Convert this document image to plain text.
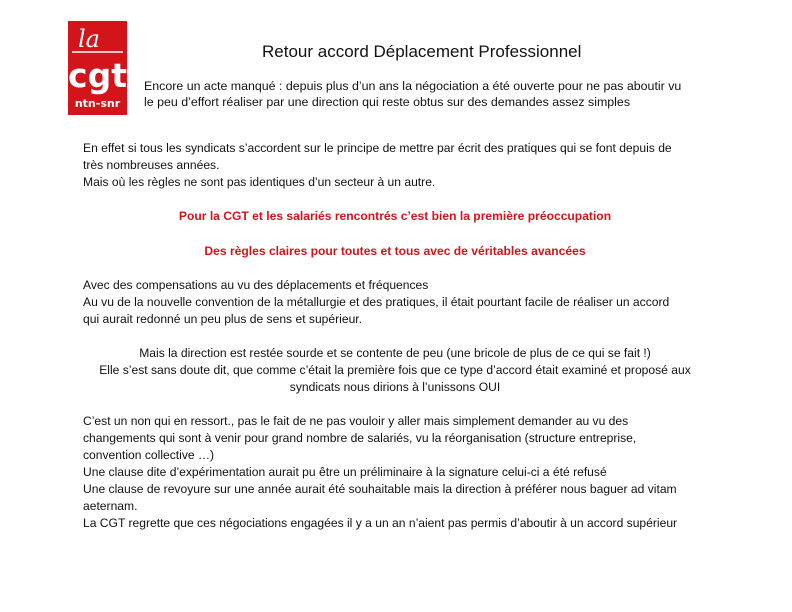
la
cgt
ntn-snr
Retour accord Déplacement Professionnel
Encore un acte manqué : depuis plus d’un ans la négociation a été ouverte pour ne pas aboutir vu
le peu d’effort réaliser par une direction qui reste obtus sur des demandes assez simples
En effet si tous les syndicats s’accordent sur le principe de mettre par écrit des pratiques qui se font depuis de
très nombreuses années.
Mais où les règles ne sont pas identiques d’un secteur à un autre.
Pour la CGT et les salariés rencontrés c’est bien la première préoccupation
Des règles claires pour toutes et tous avec de véritables avancées
Avec des compensations au vu des déplacements et fréquences
Au vu de la nouvelle convention de la métallurgie et des pratiques, il était pourtant facile de réaliser un accord
qui aurait redonné un peu plus de sens et supérieur.
Mais la direction est restée sourde et se contente de peu (une bricole de plus de ce qui se fait !)
Elle s’est sans doute dit, que comme c’était la première fois que ce type d’accord était examiné et proposé aux
syndicats nous dirions à l’unissons OUI
C’est un non qui en ressort., pas le fait de ne pas vouloir y aller mais simplement demander au vu des
changements qui sont à venir pour grand nombre de salariés, vu la réorganisation (structure entreprise,
convention collective …)
Une clause dite d’expérimentation aurait pu être un préliminaire à la signature celui-ci a été refusé
Une clause de revoyure sur une année aurait été souhaitable mais la direction à préférer nous baguer ad vitam
aeternam.
La CGT regrette que ces négociations engagées il y a un an n’aient pas permis d’aboutir à un accord supérieur
